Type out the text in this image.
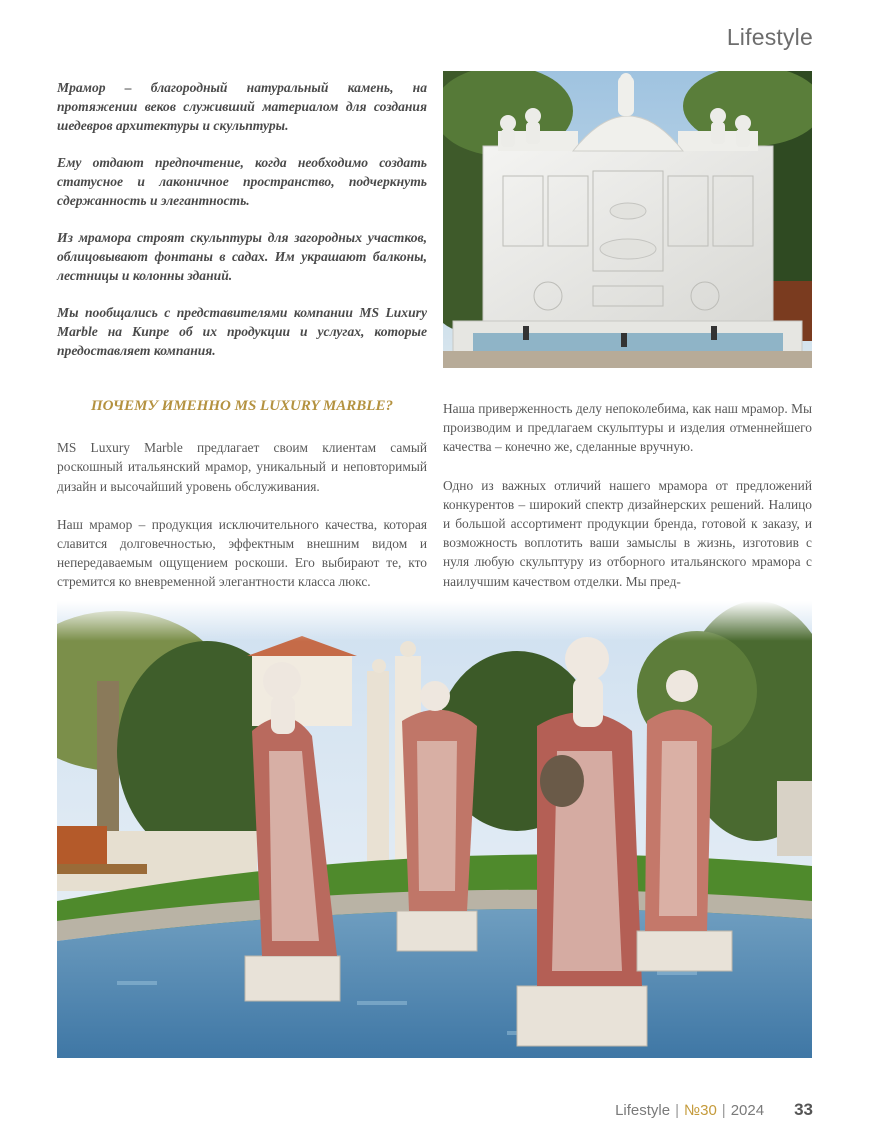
Lifestyle

Мрамор – благородный натуральный камень, на протяжении веков служивший материалом для создания шедевров архитектуры и скульптуры.

Ему отдают предпочтение, когда необходимо создать статусное и лаконичное пространство, подчеркнуть сдержанность и элегантность.

Из мрамора строят скульптуры для загородных участков, облицовывают фонтаны в садах. Им украшают балконы, лестницы и колонны зданий.

Мы пообщались с представителями компании MS Luxury Marble на Кипре об их продукции и услугах, которые предоставляет компания.

ПОЧЕМУ ИМЕННО MS LUXURY MARBLE?

MS Luxury Marble предлагает своим клиентам самый роскошный итальянский мрамор, уникальный и неповторимый дизайн и высочайший уровень обслуживания.

Наш мрамор – продукция исключительного качества, которая славится долговечностью, эффектным внешним видом и непередаваемым ощущением роскоши. Его выбирают те, кто стремится ко вневременной элегантности класса люкс.

Наша приверженность делу непоколебима, как наш мрамор. Мы производим и предлагаем скульптуры и изделия отменнейшего качества – конечно же, сделанные вручную.

Одно из важных отличий нашего мрамора от предложений конкурентов – широкий спектр дизайнерских решений. Налицо и большой ассортимент продукции бренда, готовой к заказу, и возможность воплотить ваши замыслы в жизнь, изготовив с нуля любую скульптуру из отборного итальянского мрамора с наилучшим качеством отделки. Мы пред-

Lifestyle | №30 | 2024 33
